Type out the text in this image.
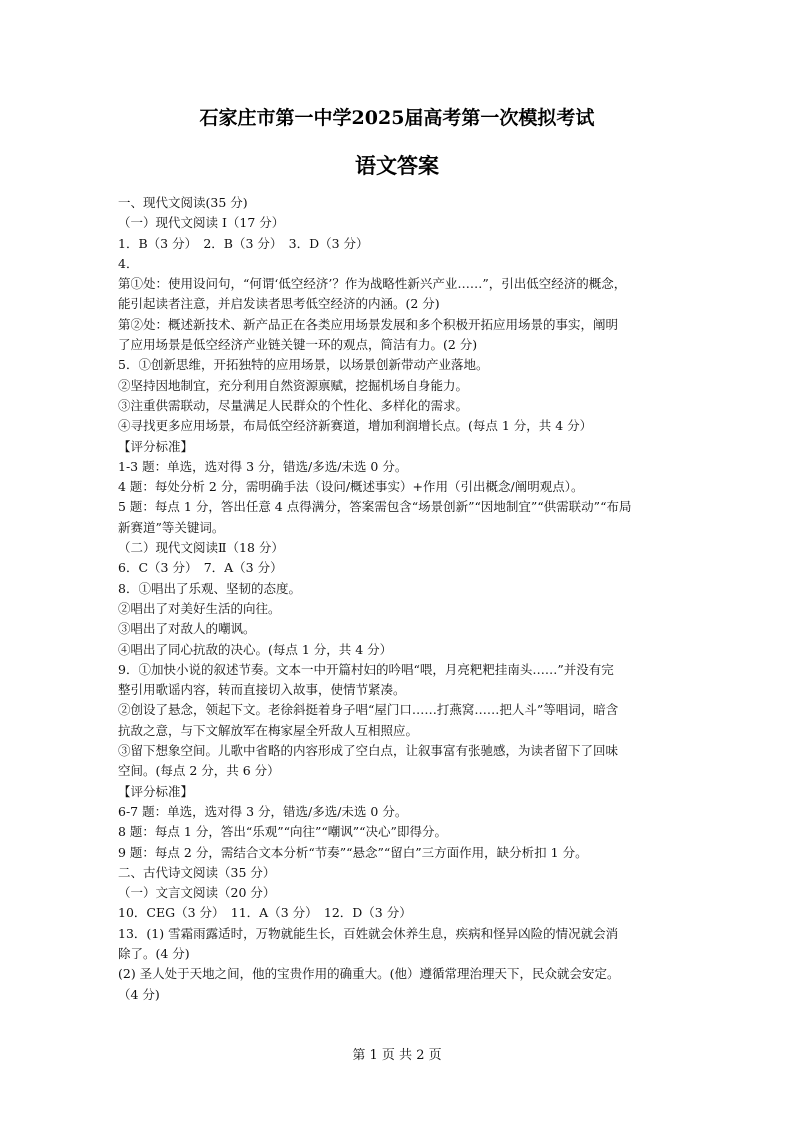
石家庄市第一中学2025届高考第一次模拟考试
语文答案
一、现代文阅读(35 分)
（一）现代文阅读 I（17 分）
1．B（3 分）　2．B（3 分）　3．D（3 分）
4．
第①处：使用设问句，“何谓‘低空经济’？作为战略性新兴产业……”，引出低空经济的概念，
能引起读者注意，并启发读者思考低空经济的内涵。(2 分)
第②处：概述新技术、新产品正在各类应用场景发展和多个积极开拓应用场景的事实，阐明
了应用场景是低空经济产业链关键一环的观点，简洁有力。(2 分)
5．①创新思维，开拓独特的应用场景，以场景创新带动产业落地。
②坚持因地制宜，充分利用自然资源禀赋，挖掘机场自身能力。
③注重供需联动，尽量满足人民群众的个性化、多样化的需求。
④寻找更多应用场景，布局低空经济新赛道，增加利润增长点。(每点 1 分，共 4 分）
【评分标准】
1-3 题：单选，选对得 3 分，错选/多选/未选 0 分。
4 题：每处分析 2 分，需明确手法（设问/概述事实）+作用（引出概念/阐明观点）。
5 题：每点 1 分，答出任意 4 点得满分，答案需包含“场景创新”“因地制宜”“供需联动”“布局
新赛道”等关键词。
（二）现代文阅读Ⅱ（18 分）
6．C（3 分）　7．A（3 分）
8．①唱出了乐观、坚韧的态度。
②唱出了对美好生活的向往。
③唱出了对敌人的嘲讽。
④唱出了同心抗敌的决心。(每点 1 分，共 4 分）
9．①加快小说的叙述节奏。文本一中开篇村妇的吟唱“喂，月亮粑粑挂南头……”并没有完
整引用歌谣内容，转而直接切入故事，使情节紧凑。
②创设了悬念，领起下文。老徐斜挺着身子唱“屋门口……打燕窝……把人斗”等唱词，暗含
抗敌之意，与下文解放军在梅家屋全歼敌人互相照应。
③留下想象空间。儿歌中省略的内容形成了空白点，让叙事富有张驰感，为读者留下了回味
空间。(每点 2 分，共 6 分）
【评分标准】
6-7 题：单选，选对得 3 分，错选/多选/未选 0 分。
8 题：每点 1 分，答出“乐观”“向往”“嘲讽”“决心”即得分。
9 题：每点 2 分，需结合文本分析“节奏”“悬念”“留白”三方面作用，缺分析扣 1 分。
二、古代诗文阅读（35 分）
（一）文言文阅读（20 分）
10．CEG（3 分）　11．A（3 分）　12．D（3 分）
13．(1) 雪霜雨露适时，万物就能生长，百姓就会休养生息，疾病和怪异凶险的情况就会消
除了。(4 分)
(2) 圣人处于天地之间，他的宝贵作用的确重大。(他）遵循常理治理天下，民众就会安定。
（4 分)
第 1 页 共 2 页
